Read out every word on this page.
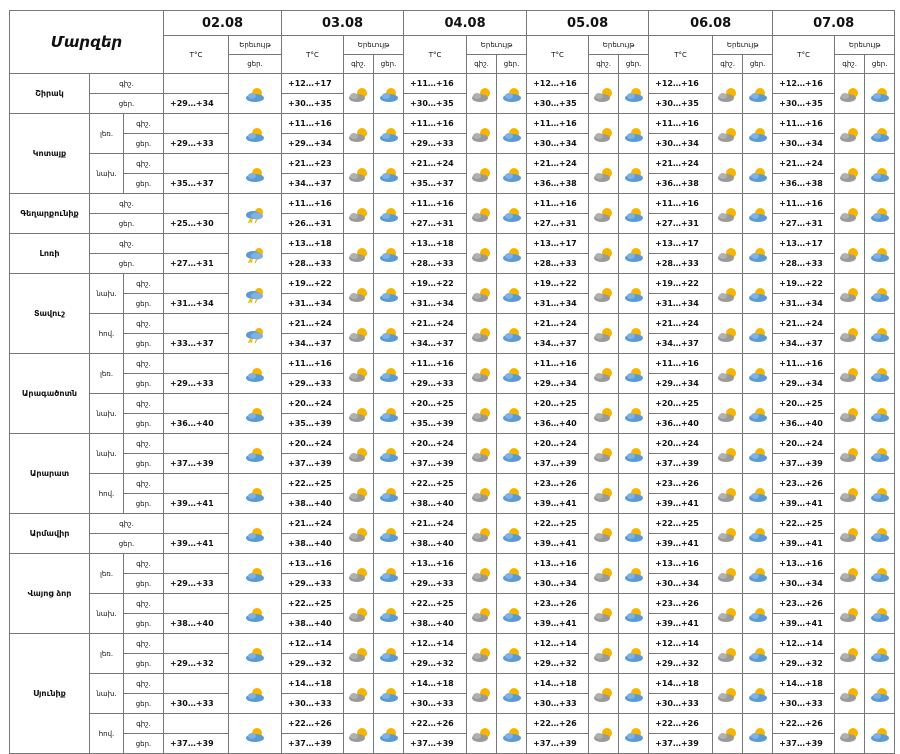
Մարզեր			02.08		03.08			04.08			05.08			06.08			07.08		
			T°C	Երեւույթ	T°C	Երեւույթ		T°C	Երեւույթ		T°C	Երեւույթ		T°C	Երեւույթ		T°C	Երեւույթ	
				ցեր.		գիշ.	ցեր.		գիշ.	ցեր.		գիշ.	ցեր.		գիշ.	ցեր.		գիշ.	ցեր.
Շիրակ	գիշ.				+12…+17			+11…+16			+12…+16			+12…+16			+12…+16		
	ցեր.		+29…+34		+30…+35			+30…+35			+30…+35			+30…+35			+30…+35		
Կոտայք	լեռ.	գիշ.			+11…+16			+11…+16			+11…+16			+11…+16			+11…+16		
		ցեր.	+29…+33		+29…+34			+29…+33			+30…+34			+30…+34			+30…+34		
	նախ.	գիշ.			+21…+23			+21…+24			+21…+24			+21…+24			+21…+24		
		ցեր.	+35…+37		+34…+37			+35…+37			+36…+38			+36…+38			+36…+38		
Գեղարքունիք	գիշ.				+11…+16			+11…+16			+11…+16			+11…+16			+11…+16		
	ցեր.		+25…+30		+26…+31			+27…+31			+27…+31			+27…+31			+27…+31		
Լոռի	գիշ.				+13…+18			+13…+18			+13…+17			+13…+17			+13…+17		
	ցեր.		+27…+31		+28…+33			+28…+33			+28…+33			+28…+33			+28…+33		
Տավուշ	նախ.	գիշ.			+19…+22			+19…+22			+19…+22			+19…+22			+19…+22		
		ցեր.	+31…+34		+31…+34			+31…+34			+31…+34			+31…+34			+31…+34		
	հով.	գիշ.			+21…+24			+21…+24			+21…+24			+21…+24			+21…+24		
		ցեր.	+33…+37		+34…+37			+34…+37			+34…+37			+34…+37			+34…+37		
Արագածոտն	լեռ.	գիշ.			+11…+16			+11…+16			+11…+16			+11…+16			+11…+16		
		ցեր.	+29…+33		+29…+33			+29…+33			+29…+34			+29…+34			+29…+34		
	նախ.	գիշ.			+20…+24			+20…+25			+20…+25			+20…+25			+20…+25		
		ցեր.	+36…+40		+35…+39			+35…+39			+36…+40			+36…+40			+36…+40		
Արարատ	նախ.	գիշ.			+20…+24			+20…+24			+20…+24			+20…+24			+20…+24		
		ցեր.	+37…+39		+37…+39			+37…+39			+37…+39			+37…+39			+37…+39		
	հով.	գիշ.			+22…+25			+22…+25			+23…+26			+23…+26			+23…+26		
		ցեր.	+39…+41		+38…+40			+38…+40			+39…+41			+39…+41			+39…+41		
Արմավիր	գիշ.				+21…+24			+21…+24			+22…+25			+22…+25			+22…+25		
	ցեր.		+39…+41		+38…+40			+38…+40			+39…+41			+39…+41			+39…+41		
Վայոց ձոր	լեռ.	գիշ.			+13…+16			+13…+16			+13…+16			+13…+16			+13…+16		
		ցեր.	+29…+33		+29…+33			+29…+33			+30…+34			+30…+34			+30…+34		
	նախ.	գիշ.			+22…+25			+22…+25			+23…+26			+23…+26			+23…+26		
		ցեր.	+38…+40		+38…+40			+38…+40			+39…+41			+39…+41			+39…+41		
Սյունիք	լեռ.	գիշ.			+12…+14			+12…+14			+12…+14			+12…+14			+12…+14		
		ցեր.	+29…+32		+29…+32			+29…+32			+29…+32			+29…+32			+29…+32		
	նախ.	գիշ.			+14…+18			+14…+18			+14…+18			+14…+18			+14…+18		
		ցեր.	+30…+33		+30…+33			+30…+33			+30…+33			+30…+33			+30…+33		
	հով.	գիշ.			+22…+26			+22…+26			+22…+26			+22…+26			+22…+26		
		ցեր.	+37…+39		+37…+39			+37…+39			+37…+39			+37…+39			+37…+39		
